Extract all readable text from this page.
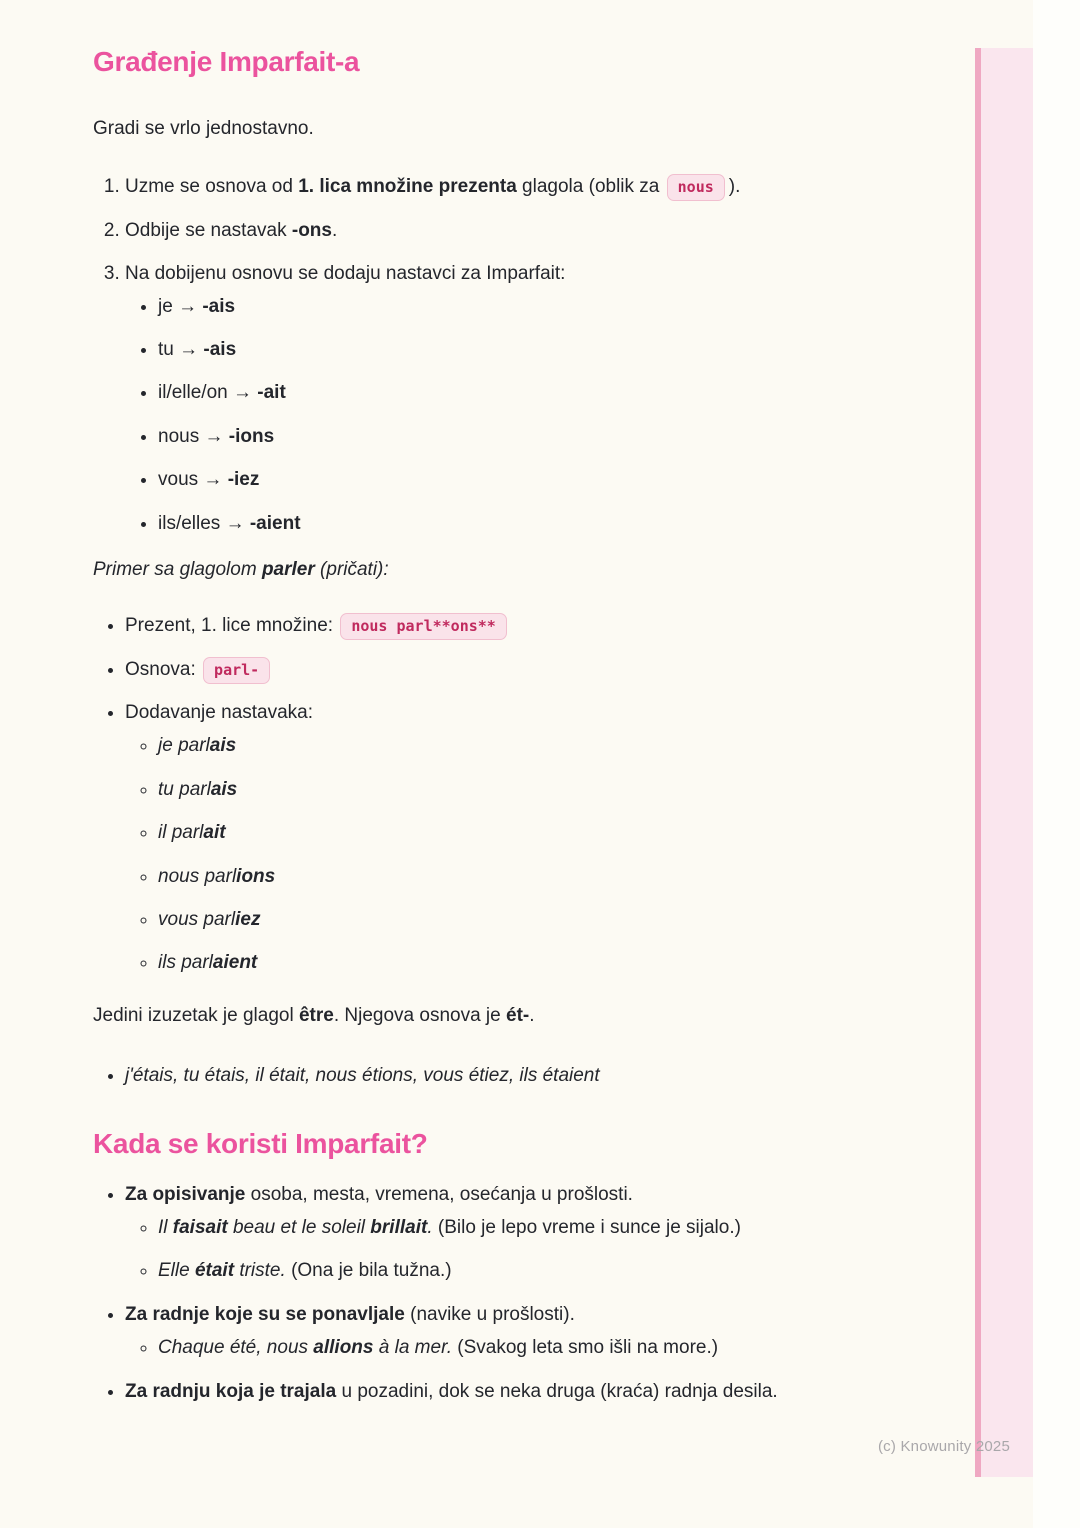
(c) Knowunity 2025
Građenje Imparfait-a

Gradi se vrlo jednostavno.

1. Uzme se osnova od 1. lica množine prezenta glagola (oblik za nous ).
2. Odbije se nastavak -ons.
3. Na dobijenu osnovu se dodaju nastavci za Imparfait:
• je → -ais
• tu → -ais
• il/elle/on → -ait
• nous → -ions
• vous → -iez
• ils/elles → -aient

Primer sa glagolom parler (pričati):

• Prezent, 1. lice množine: nous parl**ons**
• Osnova: parl-
• Dodavanje nastavaka:
◦ je parlais
◦ tu parlais
◦ il parlait
◦ nous parlions
◦ vous parliez
◦ ils parlaient

Jedini izuzetak je glagol être. Njegova osnova je ét-.

• j'étais, tu étais, il était, nous étions, vous étiez, ils étaient
Kada se koristi Imparfait?
• Za opisivanje osoba, mesta, vremena, osećanja u prošlosti.
◦ Il faisait beau et le soleil brillait. (Bilo je lepo vreme i sunce je sijalo.)
◦ Elle était triste. (Ona je bila tužna.)
• Za radnje koje su se ponavljale (navike u prošlosti).
◦ Chaque été, nous allions à la mer. (Svakog leta smo išli na more.)
• Za radnju koja je trajala u pozadini, dok se neka druga (kraća) radnja desila.
